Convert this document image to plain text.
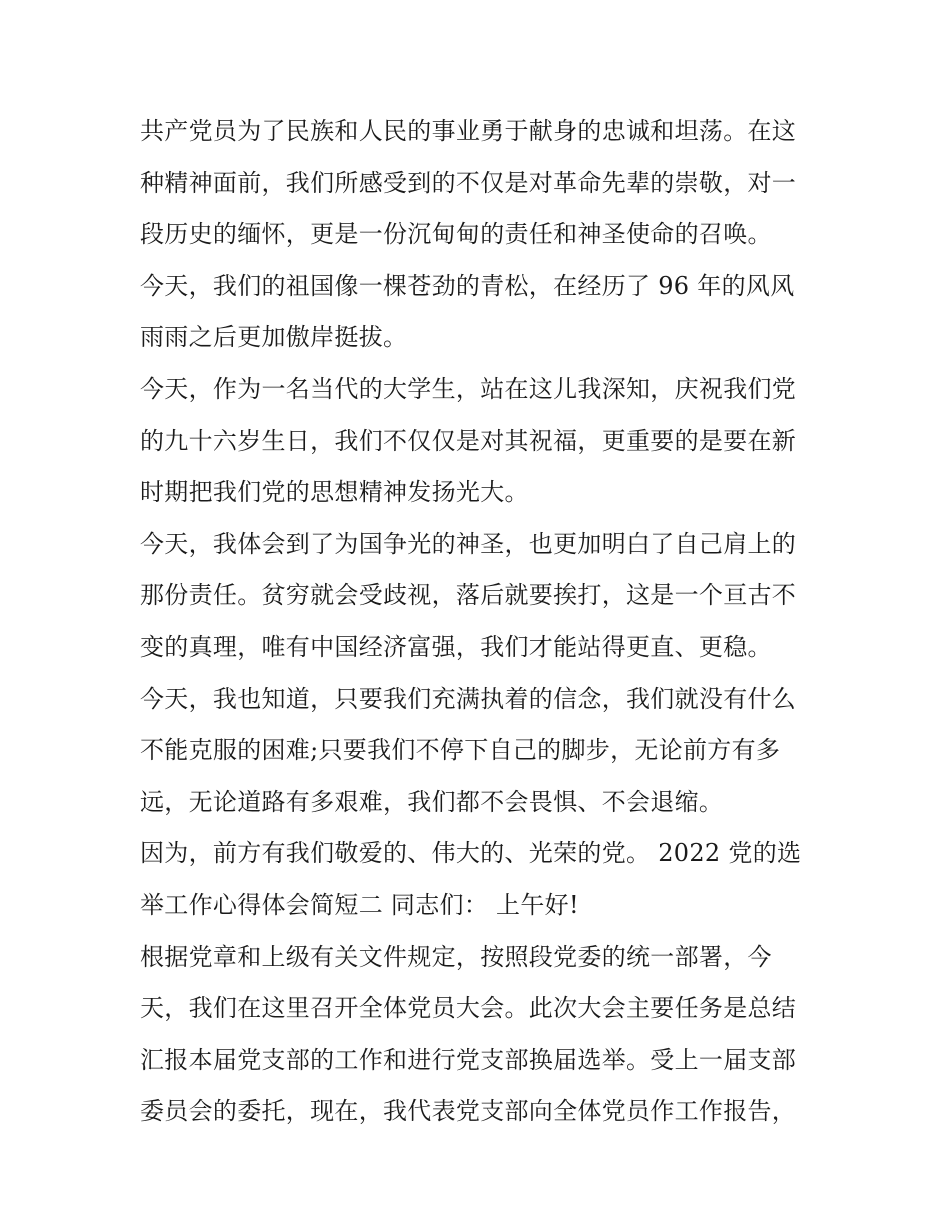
共产党员为了民族和人民的事业勇于献身的忠诚和坦荡。在这
种精神面前，我们所感受到的不仅是对革命先辈的崇敬，对一
段历史的缅怀，更是一份沉甸甸的责任和神圣使命的召唤。
今天，我们的祖国像一棵苍劲的青松，在经历了 96 年的风风
雨雨之后更加傲岸挺拔。
今天，作为一名当代的大学生，站在这儿我深知，庆祝我们党
的九十六岁生日，我们不仅仅是对其祝福，更重要的是要在新
时期把我们党的思想精神发扬光大。
今天，我体会到了为国争光的神圣，也更加明白了自己肩上的
那份责任。贫穷就会受歧视，落后就要挨打，这是一个亘古不
变的真理，唯有中国经济富强，我们才能站得更直、更稳。
今天，我也知道，只要我们充满执着的信念，我们就没有什么
不能克服的困难;只要我们不停下自己的脚步，无论前方有多
远，无论道路有多艰难，我们都不会畏惧、不会退缩。
因为，前方有我们敬爱的、伟大的、光荣的党。 2022 党的选
举工作心得体会简短二 同志们： 上午好!
根据党章和上级有关文件规定，按照段党委的统一部署，今
天，我们在这里召开全体党员大会。此次大会主要任务是总结
汇报本届党支部的工作和进行党支部换届选举。受上一届支部
委员会的委托，现在，我代表党支部向全体党员作工作报告，
